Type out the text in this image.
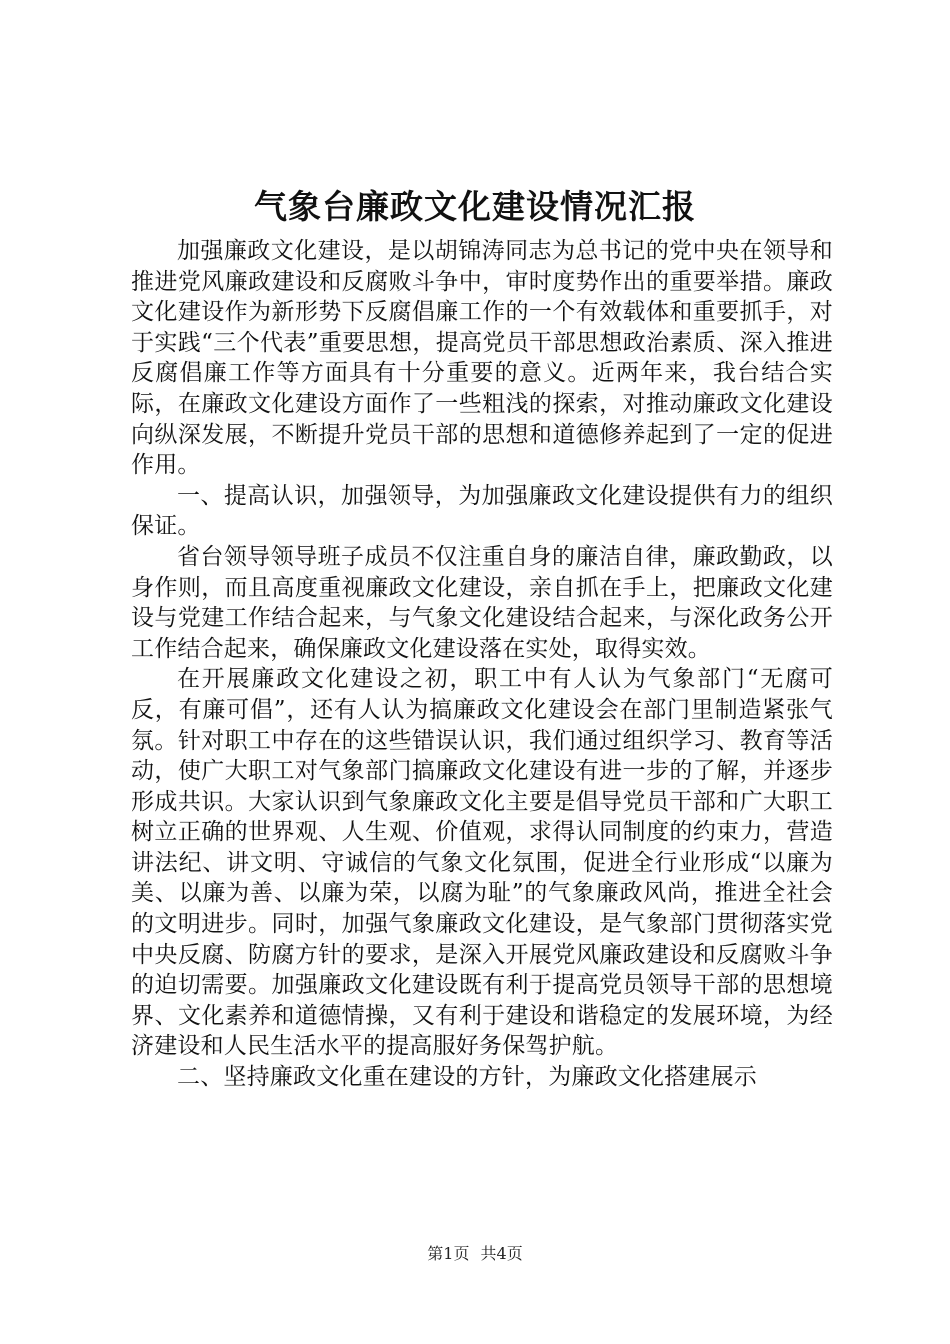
气象台廉政文化建设情况汇报

加强廉政文化建设，是以胡锦涛同志为总书记的党中央在领导和推进党风廉政建设和反腐败斗争中，审时度势作出的重要举措。廉政文化建设作为新形势下反腐倡廉工作的一个有效载体和重要抓手，对于实践“三个代表”重要思想，提高党员干部思想政治素质、深入推进反腐倡廉工作等方面具有十分重要的意义。近两年来，我台结合实际，在廉政文化建设方面作了一些粗浅的探索，对推动廉政文化建设向纵深发展，不断提升党员干部的思想和道德修养起到了一定的促进作用。

一、提高认识，加强领导，为加强廉政文化建设提供有力的组织保证。

省台领导领导班子成员不仅注重自身的廉洁自律，廉政勤政，以身作则，而且高度重视廉政文化建设，亲自抓在手上，把廉政文化建设与党建工作结合起来，与气象文化建设结合起来，与深化政务公开工作结合起来，确保廉政文化建设落在实处，取得实效。

在开展廉政文化建设之初，职工中有人认为气象部门“无腐可反，有廉可倡”，还有人认为搞廉政文化建设会在部门里制造紧张气氛。针对职工中存在的这些错误认识，我们通过组织学习、教育等活动，使广大职工对气象部门搞廉政文化建设有进一步的了解，并逐步形成共识。大家认识到气象廉政文化主要是倡导党员干部和广大职工树立正确的世界观、人生观、价值观，求得认同制度的约束力，营造讲法纪、讲文明、守诚信的气象文化氛围，促进全行业形成“以廉为美、以廉为善、以廉为荣，以腐为耻”的气象廉政风尚，推进全社会的文明进步。同时，加强气象廉政文化建设，是气象部门贯彻落实党中央反腐、防腐方针的要求，是深入开展党风廉政建设和反腐败斗争的迫切需要。加强廉政文化建设既有利于提高党员领导干部的思想境界、文化素养和道德情操，又有利于建设和谐稳定的发展环境，为经济建设和人民生活水平的提高服好务保驾护航。

二、坚持廉政文化重在建设的方针，为廉政文化搭建展示

第1页 共4页
